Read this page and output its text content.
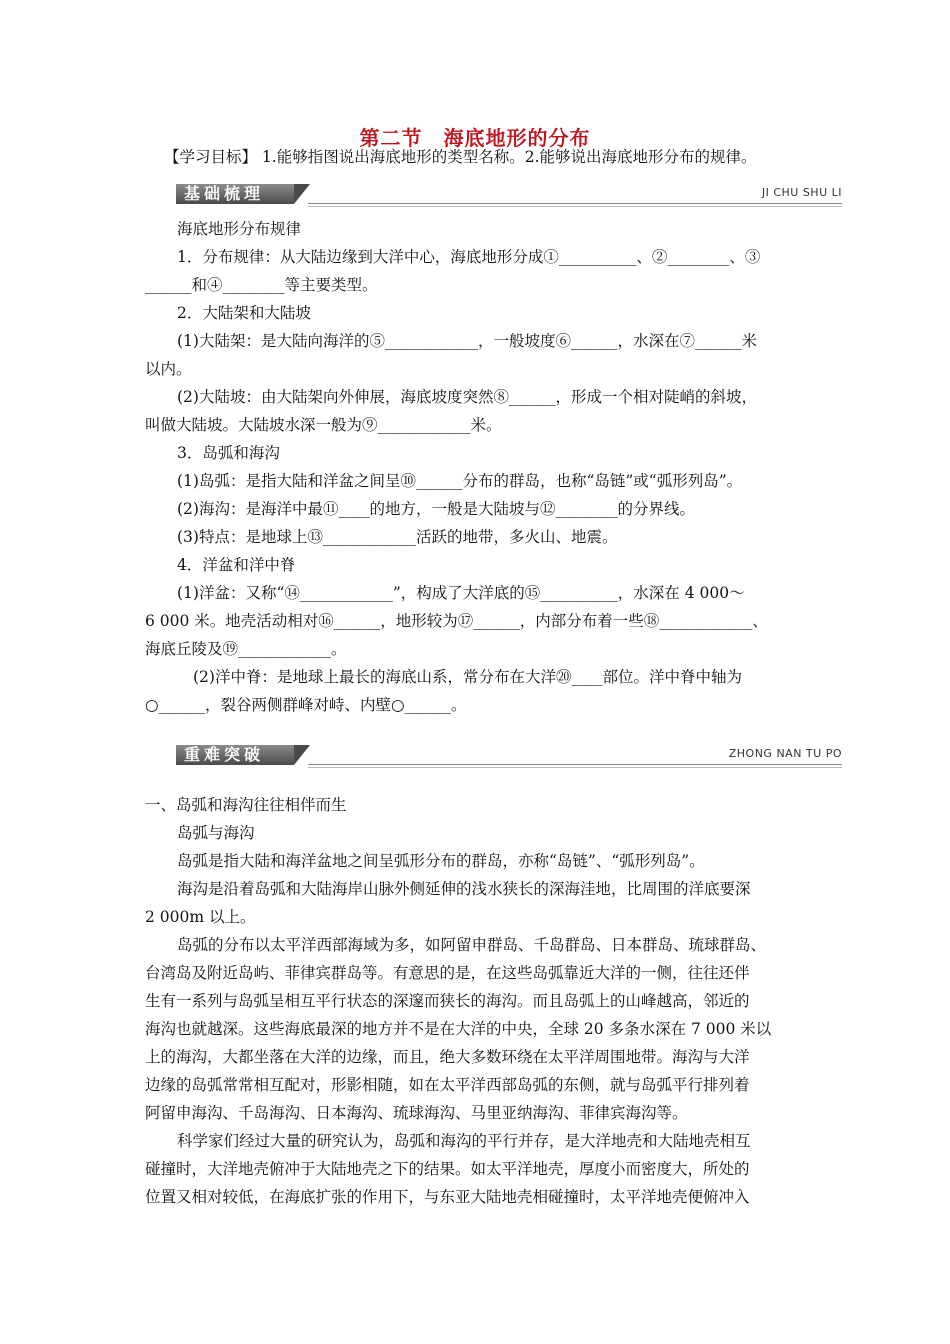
第二节　海底地形的分布
【学习目标】 1.能够指图说出海底地形的类型名称。2.能够说出海底地形分布的规律。
基础梳理	JI CHU SHU LI
海底地形分布规律
1．分布规律：从大陆边缘到大洋中心，海底地形分成①__________、②________、③
______和④________等主要类型。
2．大陆架和大陆坡
(1)大陆架：是大陆向海洋的⑤____________，一般坡度⑥______，水深在⑦______米
以内。
(2)大陆坡：由大陆架向外伸展，海底坡度突然⑧______，形成一个相对陡峭的斜坡，
叫做大陆坡。大陆坡水深一般为⑨____________米。
3．岛弧和海沟
(1)岛弧：是指大陆和洋盆之间呈⑩______分布的群岛，也称“岛链”或“弧形列岛”。
(2)海沟：是海洋中最⑪____的地方，一般是大陆坡与⑫________的分界线。
(3)特点：是地球上⑬____________活跃的地带，多火山、地震。
4．洋盆和洋中脊
(1)洋盆：又称“⑭____________”，构成了大洋底的⑮__________，水深在 4 000～
6 000 米。地壳活动相对⑯______，地形较为⑰______，内部分布着一些⑱____________、
海底丘陵及⑲____________。
(2)洋中脊：是地球上最长的海底山系，常分布在大洋⑳____部位。洋中脊中轴为
○______，裂谷两侧群峰对峙、内壁○______。
重难突破	ZHONG NAN TU PO
一、岛弧和海沟往往相伴而生
岛弧与海沟
岛弧是指大陆和海洋盆地之间呈弧形分布的群岛，亦称“岛链”、“弧形列岛”。
海沟是沿着岛弧和大陆海岸山脉外侧延伸的浅水狭长的深海洼地，比周围的洋底要深
2 000m 以上。
岛弧的分布以太平洋西部海域为多，如阿留申群岛、千岛群岛、日本群岛、琉球群岛、
台湾岛及附近岛屿、菲律宾群岛等。有意思的是，在这些岛弧靠近大洋的一侧，往往还伴
生有一系列与岛弧呈相互平行状态的深邃而狭长的海沟。而且岛弧上的山峰越高，邻近的
海沟也就越深。这些海底最深的地方并不是在大洋的中央，全球 20 多条水深在 7 000 米以
上的海沟，大都坐落在大洋的边缘，而且，绝大多数环绕在太平洋周围地带。海沟与大洋
边缘的岛弧常常相互配对，形影相随，如在太平洋西部岛弧的东侧，就与岛弧平行排列着
阿留申海沟、千岛海沟、日本海沟、琉球海沟、马里亚纳海沟、菲律宾海沟等。
科学家们经过大量的研究认为，岛弧和海沟的平行并存，是大洋地壳和大陆地壳相互
碰撞时，大洋地壳俯冲于大陆地壳之下的结果。如太平洋地壳，厚度小而密度大，所处的
位置又相对较低，在海底扩张的作用下，与东亚大陆地壳相碰撞时，太平洋地壳便俯冲入
